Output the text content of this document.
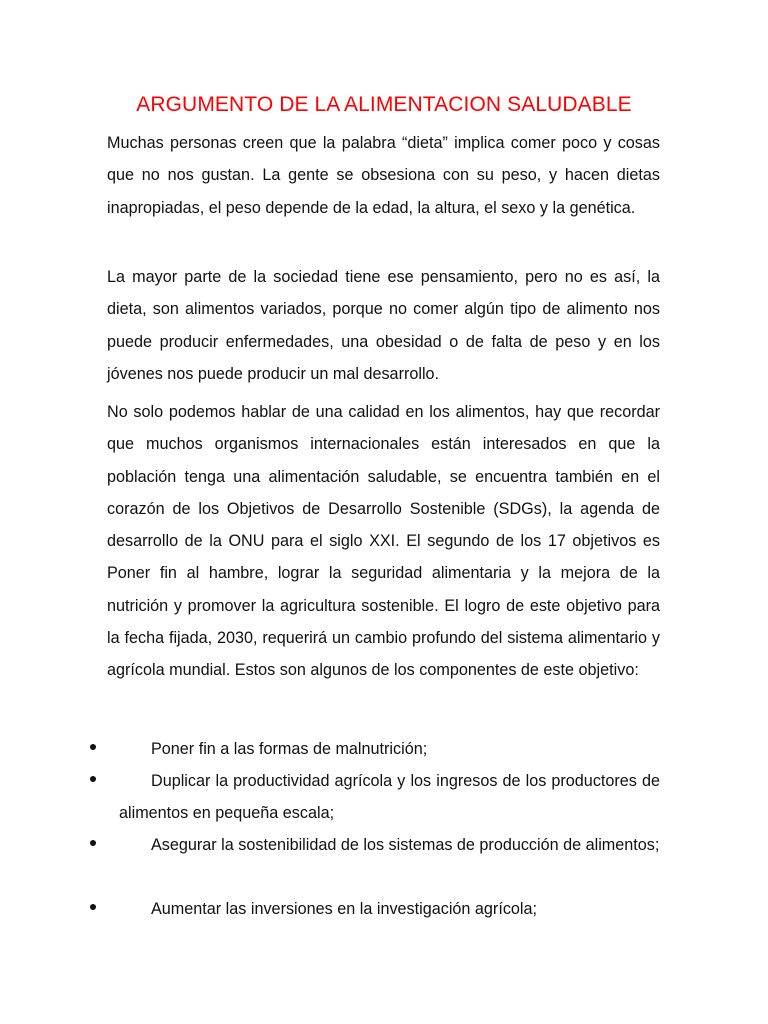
ARGUMENTO DE LA ALIMENTACION SALUDABLE

Muchas personas creen que la palabra “dieta” implica comer poco y cosas que no nos gustan. La gente se obsesiona con su peso, y hacen dietas inapropiadas, el peso depende de la edad, la altura, el sexo y la genética.

La mayor parte de la sociedad tiene ese pensamiento, pero no es así, la dieta, son alimentos variados, porque no comer algún tipo de alimento nos puede producir enfermedades, una obesidad o de falta de peso y en los jóvenes nos puede producir un mal desarrollo.

No solo podemos hablar de una calidad en los alimentos, hay que recordar que muchos organismos internacionales están interesados en que la población tenga una alimentación saludable, se encuentra también en el corazón de los Objetivos de Desarrollo Sostenible (SDGs), la agenda de desarrollo de la ONU para el siglo XXI. El segundo de los 17 objetivos es Poner fin al hambre, lograr la seguridad alimentaria y la mejora de la nutrición y promover la agricultura sostenible. El logro de este objetivo para la fecha fijada, 2030, requerirá un cambio profundo del sistema alimentario y agrícola mundial. Estos son algunos de los componentes de este objetivo:

Poner fin a las formas de malnutrición;

Duplicar la productividad agrícola y los ingresos de los productores de alimentos en pequeña escala;

Asegurar la sostenibilidad de los sistemas de producción de alimentos;

Aumentar las inversiones en la investigación agrícola;
